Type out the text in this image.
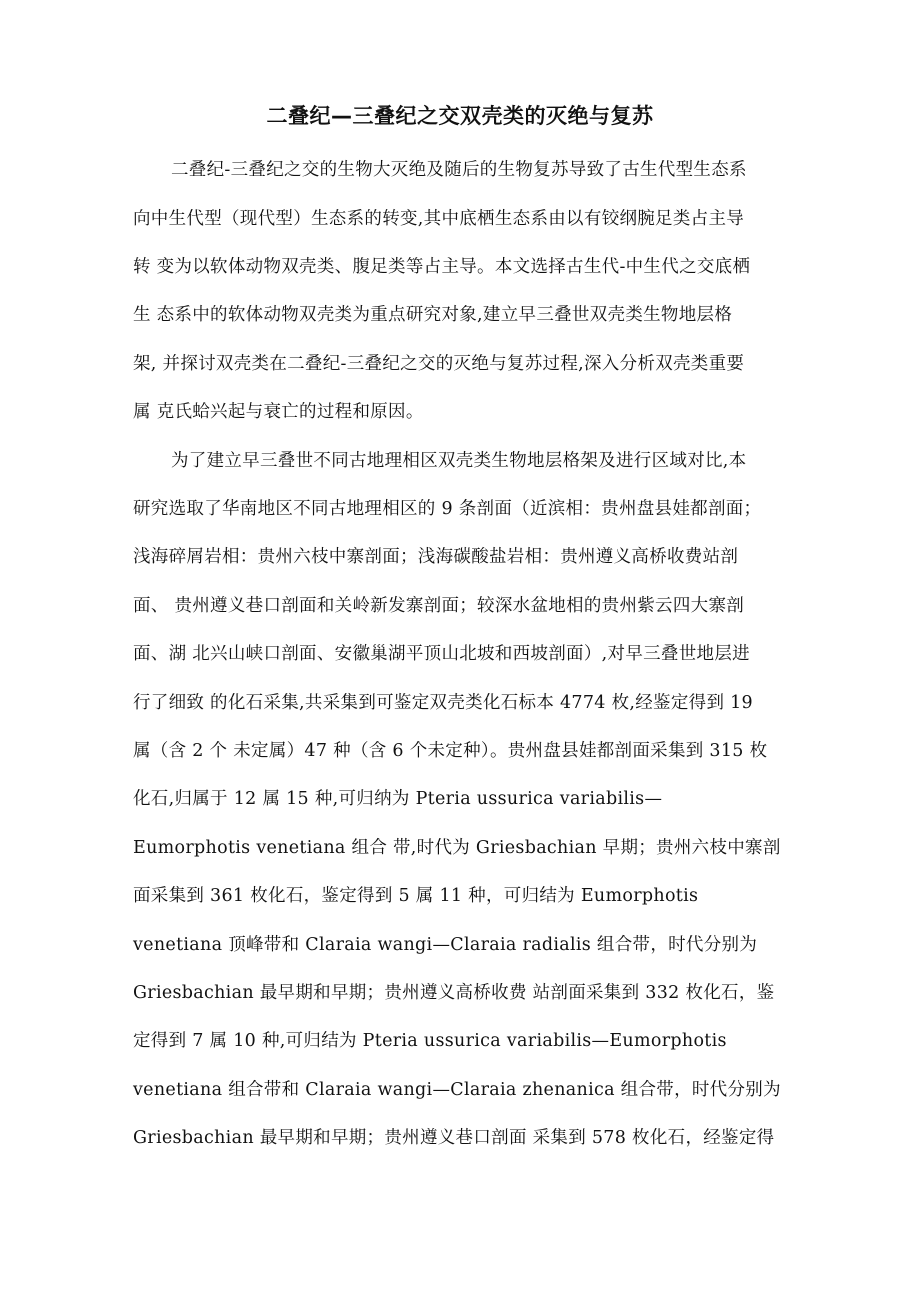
二叠纪—三叠纪之交双壳类的灭绝与复苏
二叠纪-三叠纪之交的生物大灭绝及随后的生物复苏导致了古生代型生态系
向中生代型（现代型）生态系的转变,其中底栖生态系由以有铰纲腕足类占主导
转 变为以软体动物双壳类、腹足类等占主导。本文选择古生代-中生代之交底栖
生 态系中的软体动物双壳类为重点研究对象,建立早三叠世双壳类生物地层格
架, 并探讨双壳类在二叠纪-三叠纪之交的灭绝与复苏过程,深入分析双壳类重要
属 克氏蛤兴起与衰亡的过程和原因。
为了建立早三叠世不同古地理相区双壳类生物地层格架及进行区域对比,本
研究选取了华南地区不同古地理相区的 9 条剖面（近滨相：贵州盘县娃都剖面；
浅海碎屑岩相：贵州六枝中寨剖面；浅海碳酸盐岩相：贵州遵义高桥收费站剖
面、 贵州遵义巷口剖面和关岭新发寨剖面；较深水盆地相的贵州紫云四大寨剖
面、湖 北兴山峡口剖面、安徽巢湖平顶山北坡和西坡剖面）,对早三叠世地层进
行了细致 的化石采集,共采集到可鉴定双壳类化石标本 4774 枚,经鉴定得到 19
属（含 2 个 未定属）47 种（含 6 个未定种）。贵州盘县娃都剖面采集到 315 枚
化石,归属于 12 属 15 种,可归纳为 Pteria ussurica variabilis—
Eumorphotis venetiana 组合 带,时代为 Griesbachian 早期；贵州六枝中寨剖
面采集到 361 枚化石，鉴定得到 5 属 11 种，可归结为 Eumorphotis
venetiana 顶峰带和 Claraia wangi—Claraia radialis 组合带，时代分别为
Griesbachian 最早期和早期；贵州遵义高桥收费 站剖面采集到 332 枚化石，鉴
定得到 7 属 10 种,可归结为 Pteria ussurica variabilis—Eumorphotis
venetiana 组合带和 Claraia wangi—Claraia zhenanica 组合带，时代分别为
Griesbachian 最早期和早期；贵州遵义巷口剖面 采集到 578 枚化石，经鉴定得
